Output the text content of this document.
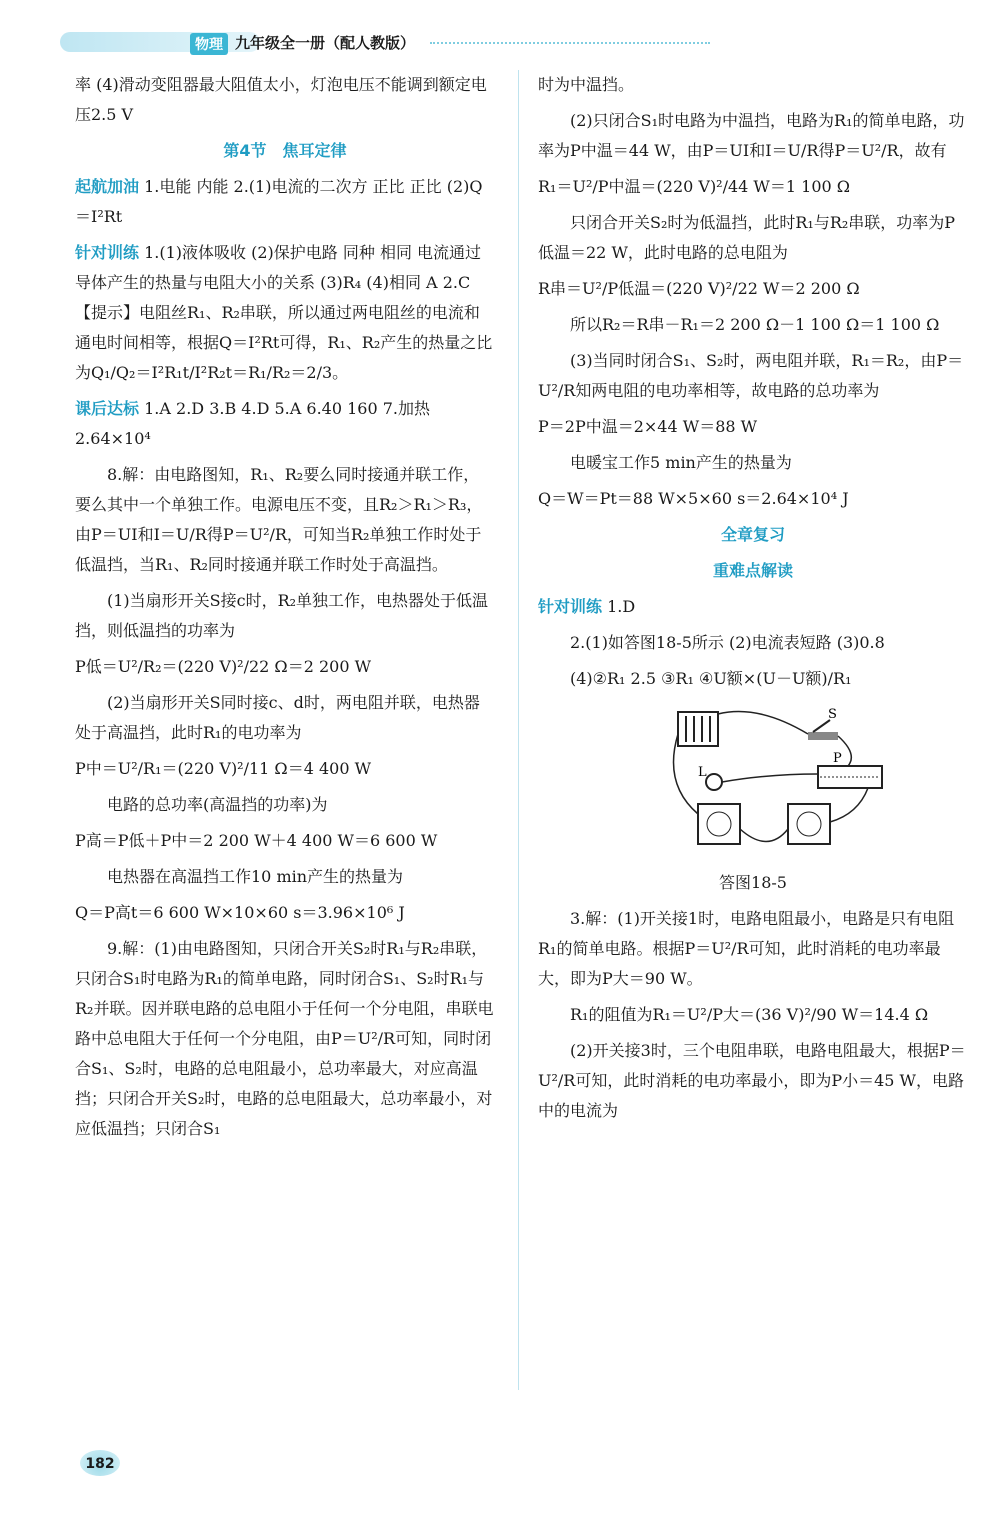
物理 九年级全一册（配人教版）

率 (4)滑动变阻器最大阻值太小，灯泡电压不能调到额定电压2.5 V

第4节　焦耳定律

起航加油 1.电能 内能 2.(1)电流的二次方 正比 正比 (2)Q＝I²Rt

针对训练 1.(1)液体吸收 (2)保护电路 同种 相同 电流通过导体产生的热量与电阻大小的关系 (3)R₄ (4)相同 A 2.C 【提示】电阻丝R₁、R₂串联，所以通过两电阻丝的电流和通电时间相等，根据Q＝I²Rt可得，R₁、R₂产生的热量之比为Q₁/Q₂＝I²R₁t/I²R₂t＝R₁/R₂＝2/3。

课后达标 1.A 2.D 3.B 4.D 5.A 6.40 160 7.加热 2.64×10⁴

8.解：由电路图知，R₁、R₂要么同时接通并联工作，要么其中一个单独工作。电源电压不变，且R₂＞R₁＞R₃，由P＝UI和I＝U/R得P＝U²/R，可知当R₂单独工作时处于低温挡，当R₁、R₂同时接通并联工作时处于高温挡。

(1)当扇形开关S接c时，R₂单独工作，电热器处于低温挡，则低温挡的功率为

P低＝U²/R₂＝(220 V)²/22 Ω＝2 200 W

(2)当扇形开关S同时接c、d时，两电阻并联，电热器处于高温挡，此时R₁的电功率为

P中＝U²/R₁＝(220 V)²/11 Ω＝4 400 W

电路的总功率(高温挡的功率)为

P高＝P低＋P中＝2 200 W＋4 400 W＝6 600 W

电热器在高温挡工作10 min产生的热量为

Q＝P高t＝6 600 W×10×60 s＝3.96×10⁶ J

9.解：(1)由电路图知，只闭合开关S₂时R₁与R₂串联，只闭合S₁时电路为R₁的简单电路，同时闭合S₁、S₂时R₁与R₂并联。因并联电路的总电阻小于任何一个分电阻，串联电路中总电阻大于任何一个分电阻，由P＝U²/R可知，同时闭合S₁、S₂时，电路的总电阻最小，总功率最大，对应高温挡；只闭合开关S₂时，电路的总电阻最大，总功率最小，对应低温挡；只闭合S₁

时为中温挡。

(2)只闭合S₁时电路为中温挡，电路为R₁的简单电路，功率为P中温＝44 W，由P＝UI和I＝U/R得P＝U²/R，故有

R₁＝U²/P中温＝(220 V)²/44 W＝1 100 Ω

只闭合开关S₂时为低温挡，此时R₁与R₂串联，功率为P低温＝22 W，此时电路的总电阻为

R串＝U²/P低温＝(220 V)²/22 W＝2 200 Ω

所以R₂＝R串－R₁＝2 200 Ω－1 100 Ω＝1 100 Ω

(3)当同时闭合S₁、S₂时，两电阻并联，R₁＝R₂，由P＝U²/R知两电阻的电功率相等，故电路的总功率为

P＝2P中温＝2×44 W＝88 W

电暖宝工作5 min产生的热量为

Q＝W＝Pt＝88 W×5×60 s＝2.64×10⁴ J

全章复习

重难点解读

针对训练 1.D

2.(1)如答图18-5所示 (2)电流表短路 (3)0.8

(4)②R₁ 2.5 ③R₁ ④U额×(U－U额)/R₁

S
L
P

答图18-5

3.解：(1)开关接1时，电路电阻最小，电路是只有电阻R₁的简单电路。根据P＝U²/R可知，此时消耗的电功率最大，即为P大＝90 W。

R₁的阻值为R₁＝U²/P大＝(36 V)²/90 W＝14.4 Ω

(2)开关接3时，三个电阻串联，电路电阻最大，根据P＝U²/R可知，此时消耗的电功率最小，即为P小＝45 W，电路中的电流为

182
